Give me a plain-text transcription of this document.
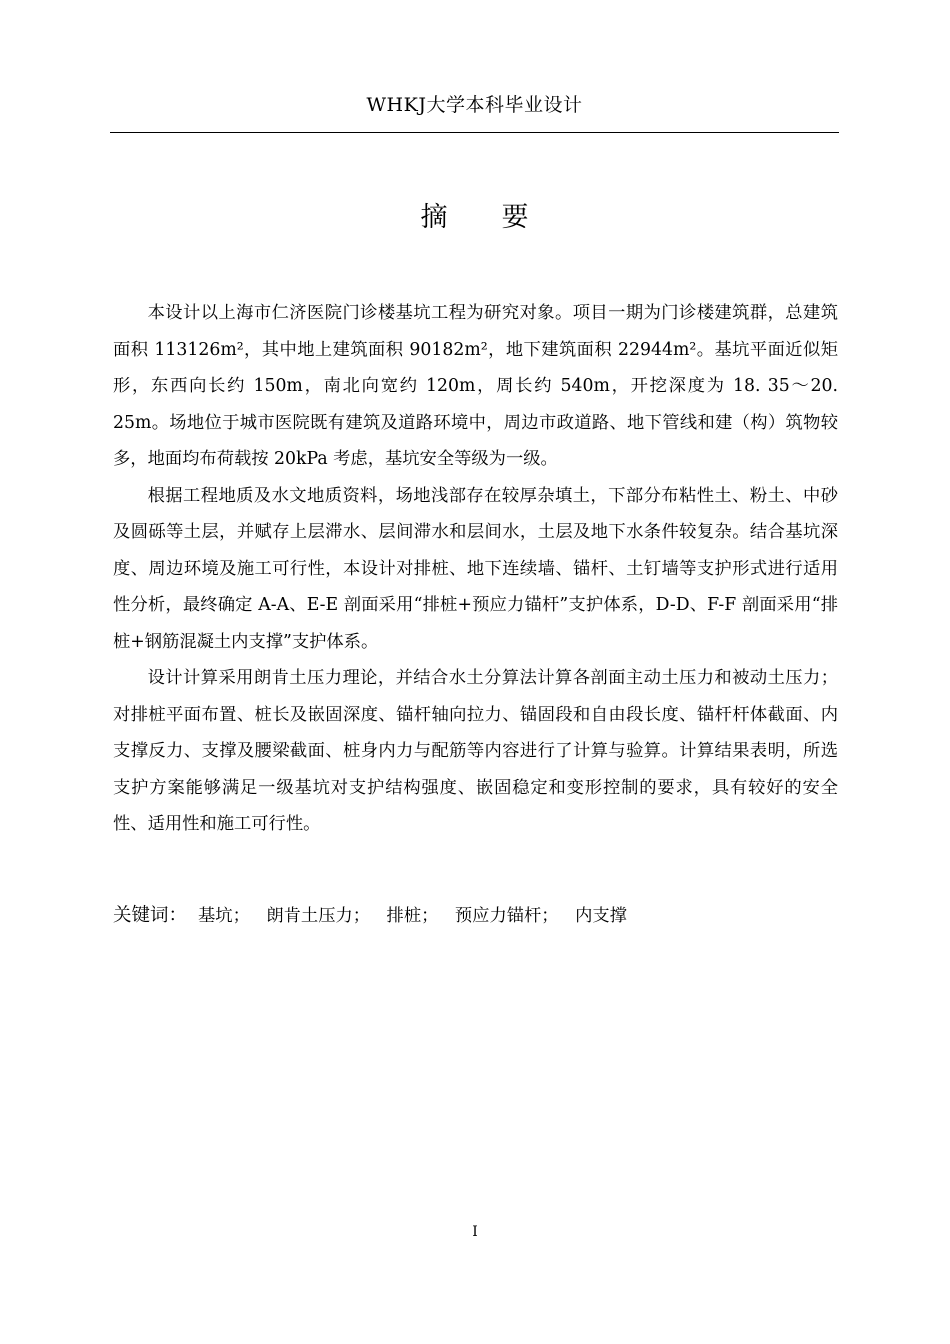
WHKJ大学本科毕业设计
摘 要

本设计以上海市仁济医院门诊楼基坑工程为研究对象。项目一期为门诊楼建筑群，总建筑面积 113126m²，其中地上建筑面积 90182m²，地下建筑面积 22944m²。基坑平面近似矩形，东西向长约 150m，南北向宽约 120m，周长约 540m，开挖深度为 18. 35～20. 25m。场地位于城市医院既有建筑及道路环境中，周边市政道路、地下管线和建（构）筑物较多，地面均布荷载按 20kPa 考虑，基坑安全等级为一级。

根据工程地质及水文地质资料，场地浅部存在较厚杂填土，下部分布粘性土、粉土、中砂及圆砾等土层，并赋存上层滞水、层间滞水和层间水，土层及地下水条件较复杂。结合基坑深度、周边环境及施工可行性，本设计对排桩、地下连续墙、锚杆、土钉墙等支护形式进行适用性分析，最终确定 A-A、E-E 剖面采用“排桩+预应力锚杆”支护体系，D-D、F-F 剖面采用“排桩+钢筋混凝土内支撑”支护体系。

设计计算采用朗肯土压力理论，并结合水土分算法计算各剖面主动土压力和被动土压力；对排桩平面布置、桩长及嵌固深度、锚杆轴向拉力、锚固段和自由段长度、锚杆杆体截面、内支撑反力、支撑及腰梁截面、桩身内力与配筋等内容进行了计算与验算。计算结果表明，所选支护方案能够满足一级基坑对支护结构强度、嵌固稳定和变形控制的要求，具有较好的安全性、适用性和施工可行性。

关键词： 基坑； 朗肯土压力； 排桩； 预应力锚杆； 内支撑
I
